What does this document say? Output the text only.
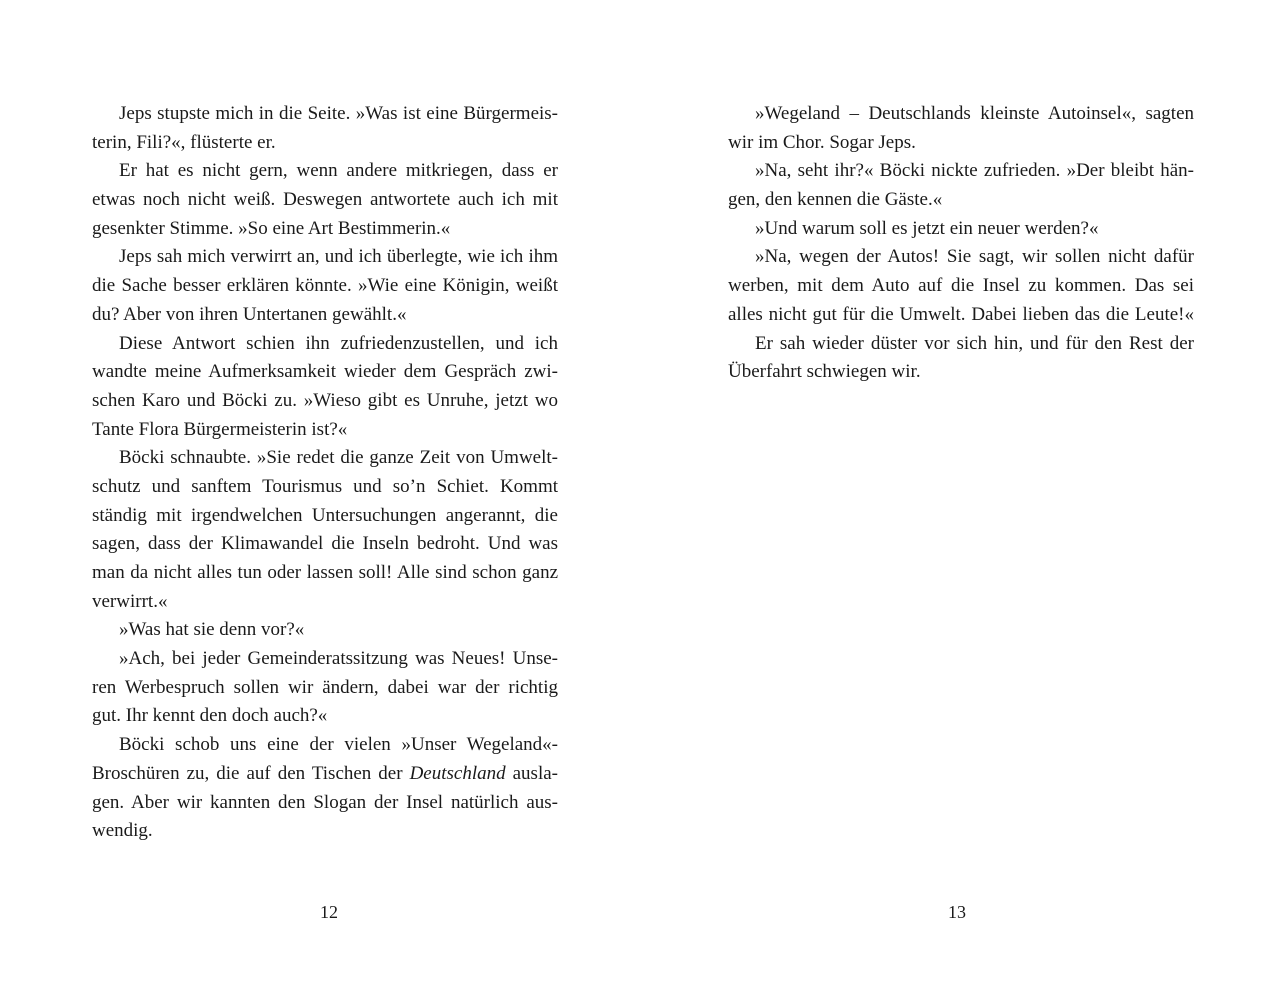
Jeps stupste mich in die Seite. »Was ist eine Bürgermeis-
terin, Fili?«, flüsterte er.
Er hat es nicht gern, wenn andere mitkriegen, dass er
etwas noch nicht weiß. Deswegen antwortete auch ich mit
gesenkter Stimme. »So eine Art Bestimmerin.«
Jeps sah mich verwirrt an, und ich überlegte, wie ich ihm
die Sache besser erklären könnte. »Wie eine Königin, weißt
du? Aber von ihren Untertanen gewählt.«
Diese Antwort schien ihn zufriedenzustellen, und ich
wandte meine Aufmerksamkeit wieder dem Gespräch zwi-
schen Karo und Böcki zu. »Wieso gibt es Unruhe, jetzt wo
Tante Flora Bürgermeisterin ist?«
Böcki schnaubte. »Sie redet die ganze Zeit von Umwelt-
schutz und sanftem Tourismus und so’n Schiet. Kommt
ständig mit irgendwelchen Untersuchungen angerannt, die
sagen, dass der Klimawandel die Inseln bedroht. Und was
man da nicht alles tun oder lassen soll! Alle sind schon ganz
verwirrt.«
»Was hat sie denn vor?«
»Ach, bei jeder Gemeinderatssitzung was Neues! Unse-
ren Werbespruch sollen wir ändern, dabei war der richtig
gut. Ihr kennt den doch auch?«
Böcki schob uns eine der vielen »Unser Wegeland«-
Broschüren zu, die auf den Tischen der Deutschland ausla-
gen. Aber wir kannten den Slogan der Insel natürlich aus-
wendig.
12
»Wegeland – Deutschlands kleinste Autoinsel«, sagten
wir im Chor. Sogar Jeps.
»Na, seht ihr?« Böcki nickte zufrieden. »Der bleibt hän-
gen, den kennen die Gäste.«
»Und warum soll es jetzt ein neuer werden?«
»Na, wegen der Autos! Sie sagt, wir sollen nicht dafür
werben, mit dem Auto auf die Insel zu kommen. Das sei
alles nicht gut für die Umwelt. Dabei lieben das die Leute!«
Er sah wieder düster vor sich hin, und für den Rest der
Überfahrt schwiegen wir.
13
